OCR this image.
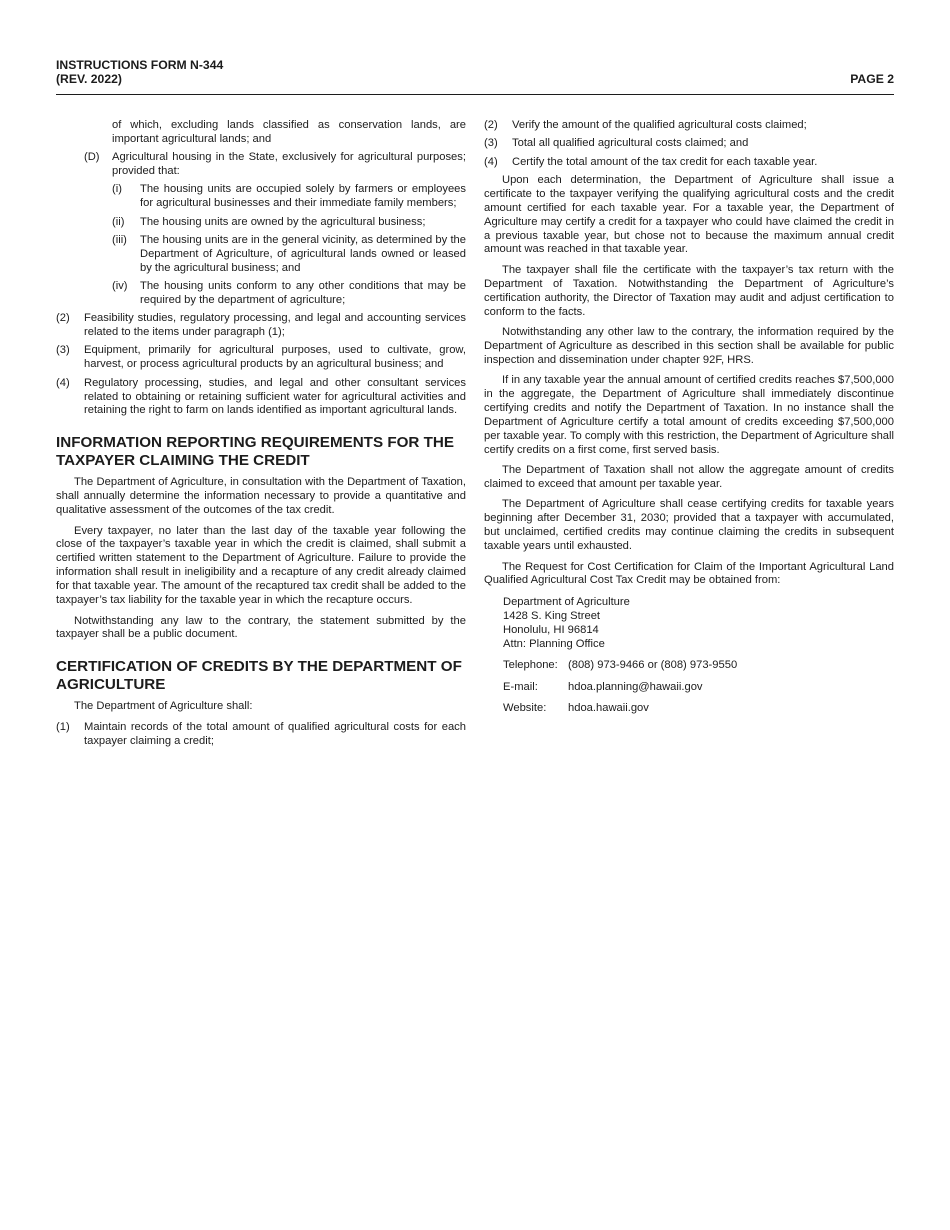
INSTRUCTIONS FORM N-344
(REV. 2022)	PAGE 2
of which, excluding lands classified as conservation lands, are important agricultural lands; and
(D) Agricultural housing in the State, exclusively for agricultural purposes; provided that:
(i) The housing units are occupied solely by farmers or employees for agricultural businesses and their immediate family members;
(ii) The housing units are owned by the agricultural business;
(iii) The housing units are in the general vicinity, as determined by the Department of Agriculture, of agricultural lands owned or leased by the agricultural business; and
(iv) The housing units conform to any other conditions that may be required by the department of agriculture;
(2) Feasibility studies, regulatory processing, and legal and accounting services related to the items under paragraph (1);
(3) Equipment, primarily for agricultural purposes, used to cultivate, grow, harvest, or process agricultural products by an agricultural business; and
(4) Regulatory processing, studies, and legal and other consultant services related to obtaining or retaining sufficient water for agricultural activities and retaining the right to farm on lands identified as important agricultural lands.
INFORMATION REPORTING REQUIREMENTS FOR THE TAXPAYER CLAIMING THE CREDIT

The Department of Agriculture, in consultation with the Department of Taxation, shall annually determine the information necessary to provide a quantitative and qualitative assessment of the outcomes of the tax credit.

Every taxpayer, no later than the last day of the taxable year following the close of the taxpayer’s taxable year in which the credit is claimed, shall submit a certified written statement to the Department of Agriculture. Failure to provide the information shall result in ineligibility and a recapture of any credit already claimed for that taxable year. The amount of the recaptured tax credit shall be added to the taxpayer’s tax liability for the taxable year in which the recapture occurs.

Notwithstanding any law to the contrary, the statement submitted by the taxpayer shall be a public document.

CERTIFICATION OF CREDITS BY THE DEPARTMENT OF AGRICULTURE
The Department of Agriculture shall:
(1) Maintain records of the total amount of qualified agricultural costs for each taxpayer claiming a credit;
(2) Verify the amount of the qualified agricultural costs claimed;
(3) Total all qualified agricultural costs claimed; and
(4) Certify the total amount of the tax credit for each taxable year.

Upon each determination, the Department of Agriculture shall issue a certificate to the taxpayer verifying the qualifying agricultural costs and the credit amount certified for each taxable year. For a taxable year, the Department of Agriculture may certify a credit for a taxpayer who could have claimed the credit in a previous taxable year, but chose not to because the maximum annual credit amount was reached in that taxable year.

The taxpayer shall file the certificate with the taxpayer’s tax return with the Department of Taxation. Notwithstanding the Department of Agriculture’s certification authority, the Director of Taxation may audit and adjust certification to conform to the facts.

Notwithstanding any other law to the contrary, the information required by the Department of Agriculture as described in this section shall be available for public inspection and dissemination under chapter 92F, HRS.

If in any taxable year the annual amount of certified credits reaches $7,500,000 in the aggregate, the Department of Agriculture shall immediately discontinue certifying credits and notify the Department of Taxation. In no instance shall the Department of Agriculture certify a total amount of credits exceeding $7,500,000 per taxable year. To comply with this restriction, the Department of Agriculture shall certify credits on a first come, first served basis.

The Department of Taxation shall not allow the aggregate amount of credits claimed to exceed that amount per taxable year.

The Department of Agriculture shall cease certifying credits for taxable years beginning after December 31, 2030; provided that a taxpayer with accumulated, but unclaimed, certified credits may continue claiming the credits in subsequent taxable years until exhausted.

The Request for Cost Certification for Claim of the Important Agricultural Land Qualified Agricultural Cost Tax Credit may be obtained from:

Department of Agriculture
1428 S. King Street
Honolulu, HI 96814
Attn: Planning Office
Telephone: (808) 973-9466 or (808) 973-9550
E-mail:	hdoa.planning@hawaii.gov
Website: hdoa.hawaii.gov
